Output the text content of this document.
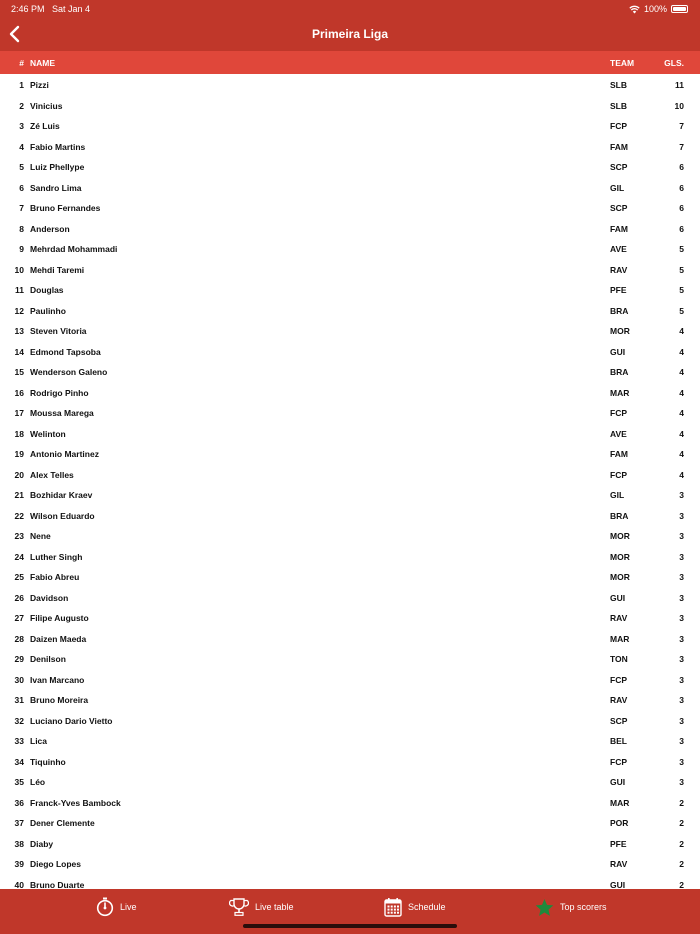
2:46 PM Sat Jan 4	100%
Primeira Liga
# NAME	TEAM	GLS.
1 Pizzi	SLB	11
2 Vinicius	SLB	10
3 Zé Luis	FCP	7
4 Fabio Martins	FAM	7
5 Luiz Phellype	SCP	6
6 Sandro Lima	GIL	6
7 Bruno Fernandes	SCP	6
8 Anderson	FAM	6
9 Mehrdad Mohammadi	AVE	5
10 Mehdi Taremi	RAV	5
11 Douglas	PFE	5
12 Paulinho	BRA	5
13 Steven Vitoria	MOR	4
14 Edmond Tapsoba	GUI	4
15 Wenderson Galeno	BRA	4
16 Rodrigo Pinho	MAR	4
17 Moussa Marega	FCP	4
18 Welinton	AVE	4
19 Antonio Martinez	FAM	4
20 Alex Telles	FCP	4
21 Bozhidar Kraev	GIL	3
22 Wilson Eduardo	BRA	3
23 Nene	MOR	3
24 Luther Singh	MOR	3
25 Fabio Abreu	MOR	3
26 Davidson	GUI	3
27 Filipe Augusto	RAV	3
28 Daizen Maeda	MAR	3
29 Denilson	TON	3
30 Ivan Marcano	FCP	3
31 Bruno Moreira	RAV	3
32 Luciano Dario Vietto	SCP	3
33 Lica	BEL	3
34 Tiquinho	FCP	3
35 Léo	GUI	3
36 Franck-Yves Bambock	MAR	2
37 Dener Clemente	POR	2
38 Diaby	PFE	2
39 Diego Lopes	RAV	2
40 Bruno Duarte	GUI	2
Live	Live table	Schedule	Top scorers
